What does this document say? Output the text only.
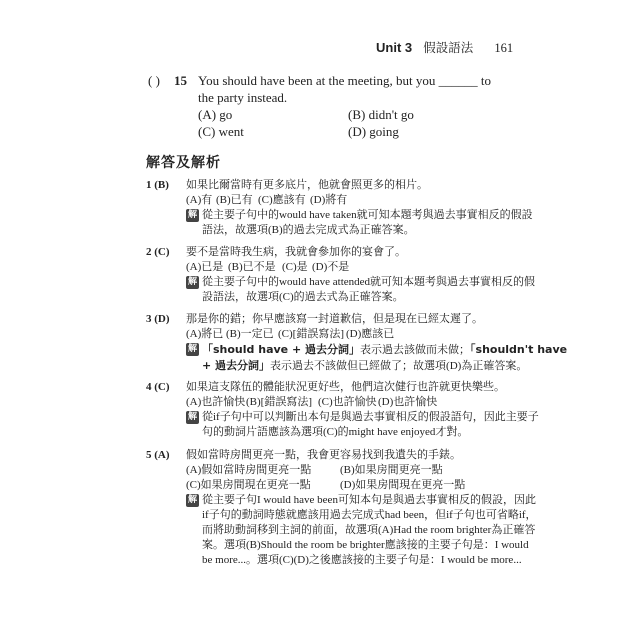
Unit 3 假設語法 161
( ) 15 You should have been at the meeting, but you ______ to the party instead.
(A) go	(B) didn't go
(C) went	(D) going
解答及解析
1 (B) 如果比爾當時有更多底片，他就會照更多的相片。
(A)有 (B)已有 (C)應該有 (D)將有
解 從主要子句中的would have taken就可知本題考與過去事實相反的假設
語法，故選項(B)的過去完成式為正確答案。
2 (C) 要不是當時我生病，我就會參加你的宴會了。
(A)已是 (B)已不是 (C)是 (D)不是
解 從主要子句中的would have attended就可知本題考與過去事實相反的假
設語法，故選項(C)的過去式為正確答案。
3 (D) 那是你的錯；你早應該寫一封道歉信，但是現在已經太遲了。
(A)將已 (B)一定已 (C)[錯誤寫法] (D)應該已
解 「should have + 過去分詞」表示過去該做而未做；「shouldn't have
+ 過去分詞」表示過去不該做但已經做了；故選項(D)為正確答案。
4 (C) 如果這支隊伍的體能狀況更好些，他們這次健行也許就更快樂些。
(A)也許愉快 (B)[錯誤寫法] (C)也許愉快 (D)也許愉快
解 從if子句中可以判斷出本句是與過去事實相反的假設語句，因此主要子
句的動詞片語應該為選項(C)的might have enjoyed才對。
5 (A) 假如當時房間更亮一點，我會更容易找到我遺失的手錶。
(A)假如當時房間更亮一點	(B)如果房間更亮一點
(C)如果房間現在更亮一點	(D)如果房間現在更亮一點
解 從主要子句I would have been可知本句是與過去事實相反的假設，因此
if子句的動詞時態就應該用過去完成式had been，但if子句也可省略if，
而將助動詞移到主詞的前面，故選項(A)Had the room brighter為正確答
案。選項(B)Should the room be brighter應該接的主要子句是：I would
be more...。選項(C)(D)之後應該接的主要子句是：I would be more...
